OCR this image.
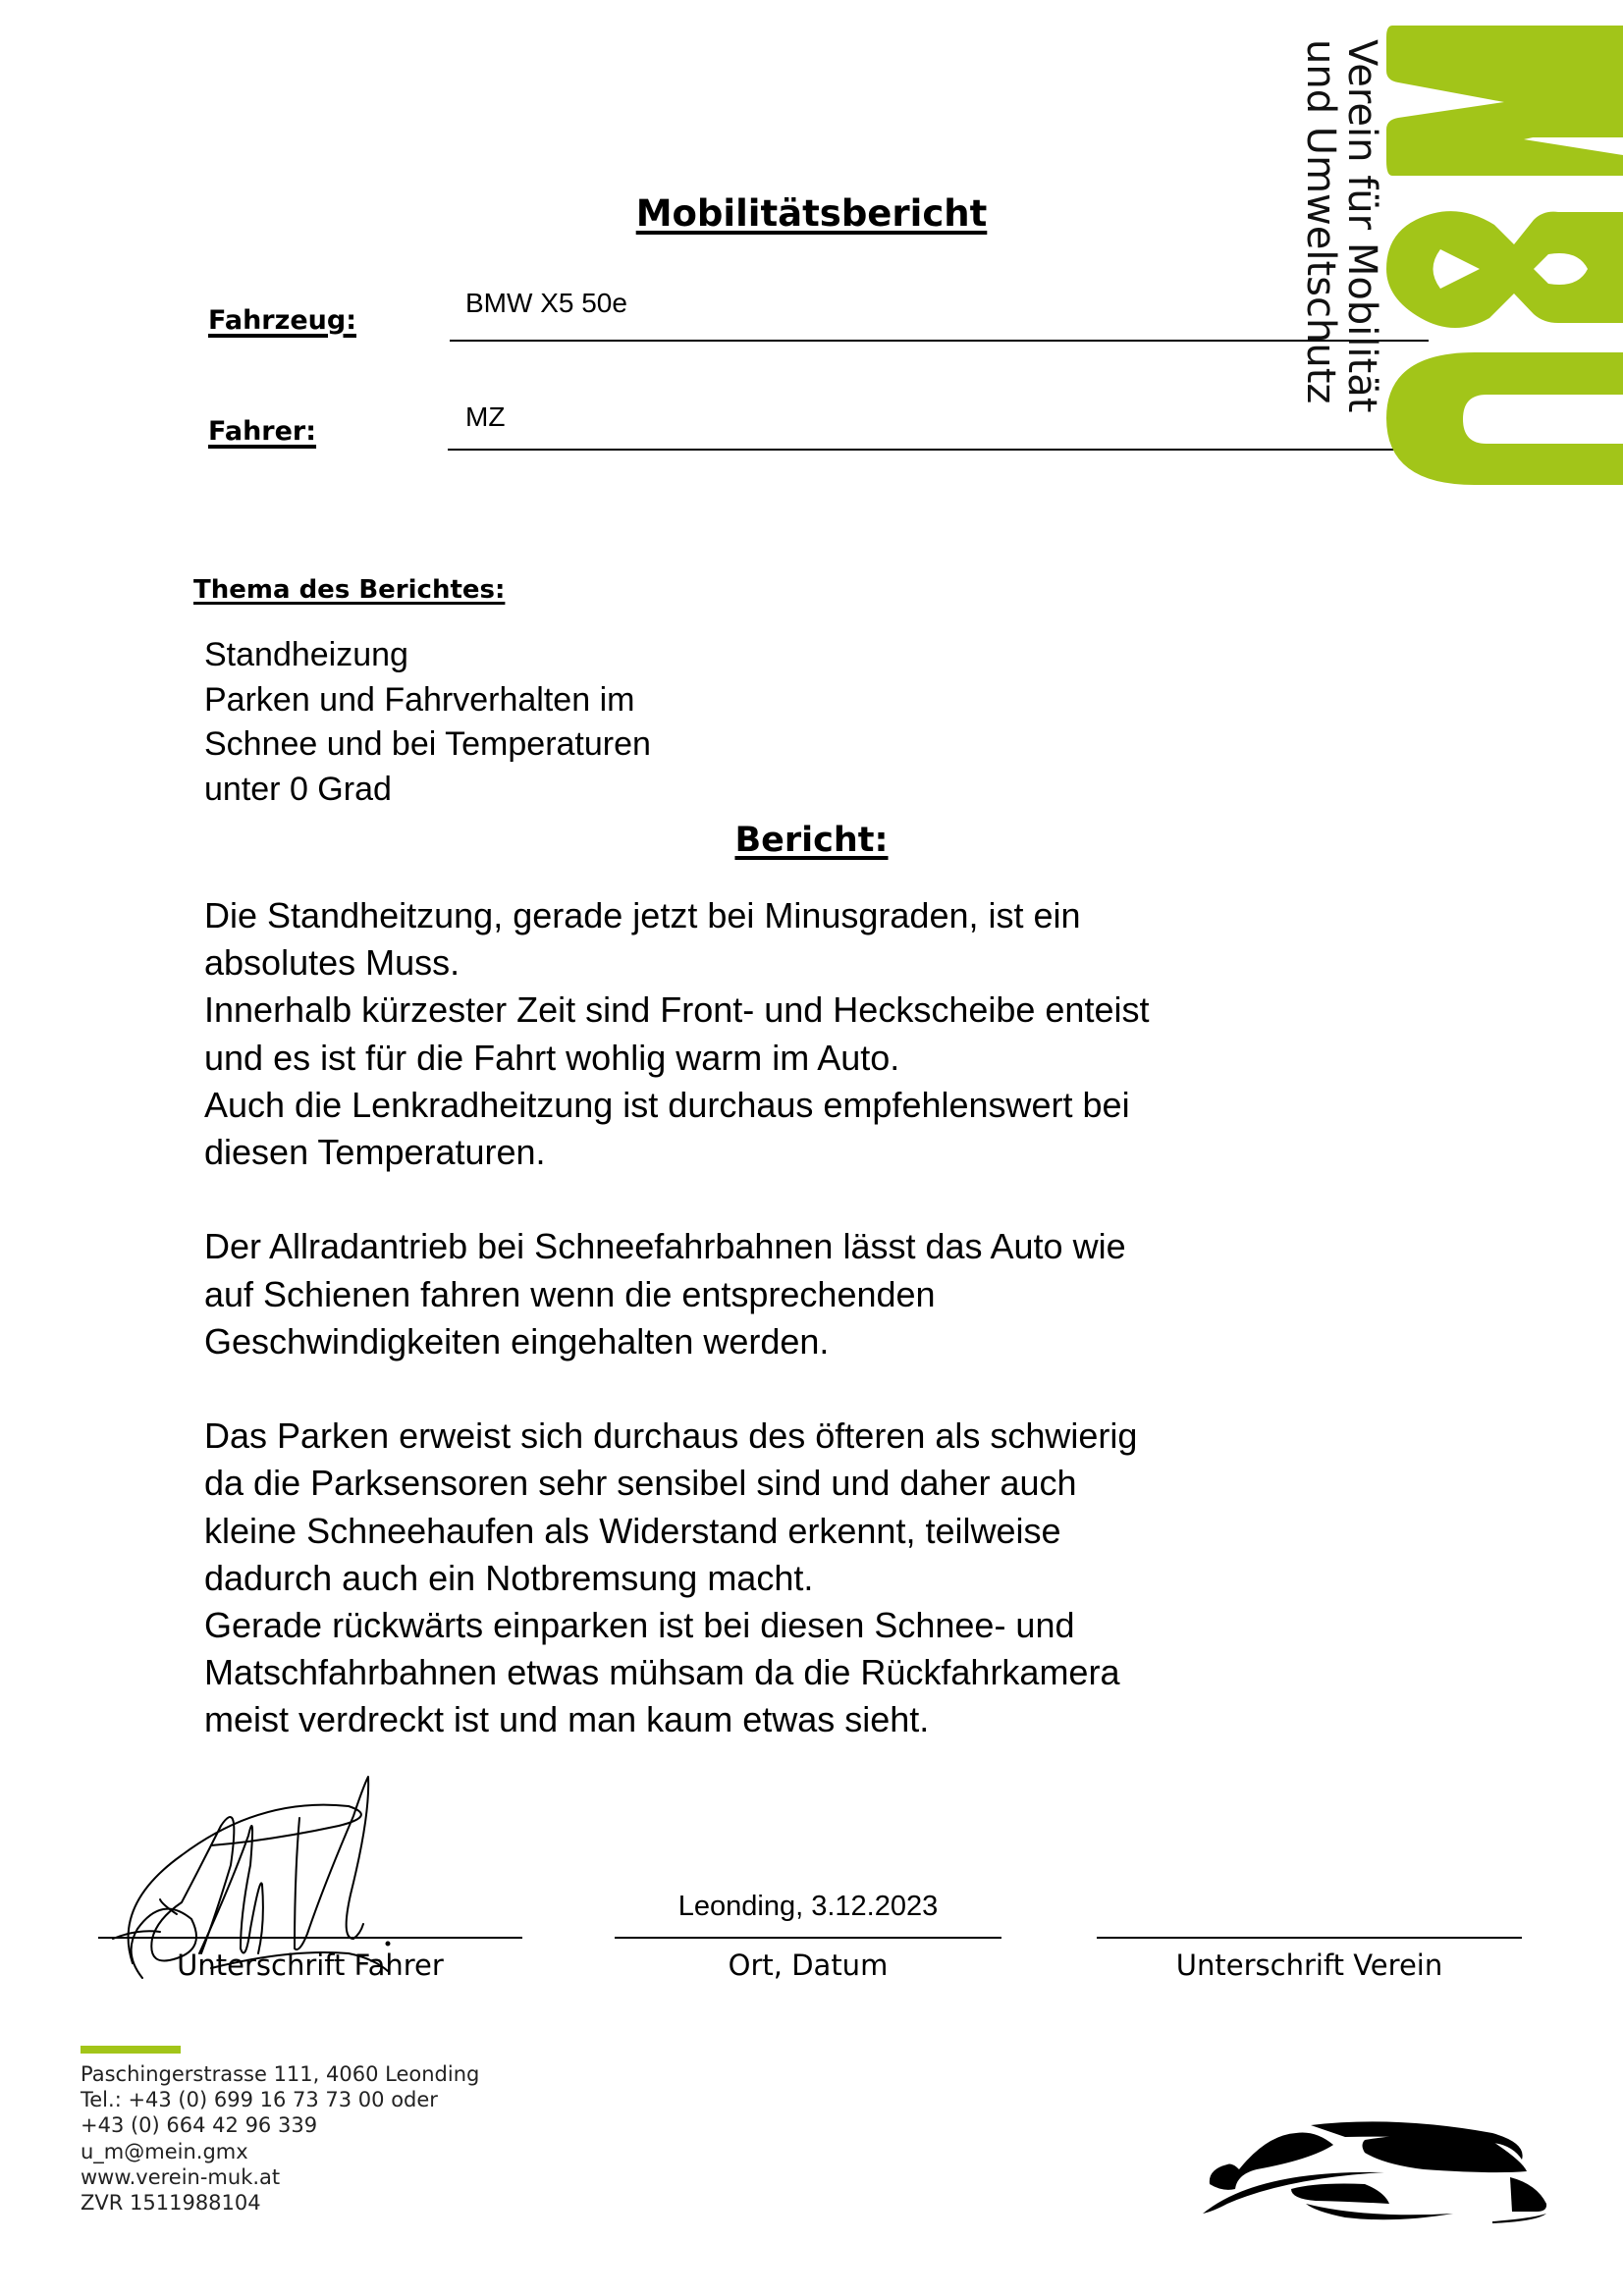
Mobilitätsbericht
Fahrzeug:
BMW X5 50e
Fahrer:	MZ
Verein für Mobilität
und Umweltschutz
Thema des Berichtes:
Standheizung
Parken und Fahrverhalten im
Schnee und bei Temperaturen
unter 0 Grad
Bericht:
Die Standheitzung, gerade jetzt bei Minusgraden, ist ein
absolutes Muss.
Innerhalb kürzester Zeit sind Front- und Heckscheibe enteist
und es ist für die Fahrt wohlig warm im Auto.
Auch die Lenkradheitzung ist durchaus empfehlenswert bei
diesen Temperaturen.
Der Allradantrieb bei Schneefahrbahnen lässt das Auto wie
auf Schienen fahren wenn die entsprechenden
Geschwindigkeiten eingehalten werden.
Das Parken erweist sich durchaus des öfteren als schwierig
da die Parksensoren sehr sensibel sind und daher auch
kleine Schneehaufen als Widerstand erkennt, teilweise
dadurch auch ein Notbremsung macht.
Gerade rückwärts einparken ist bei diesen Schnee- und
Matschfahrbahnen etwas mühsam da die Rückfahrkamera
meist verdreckt ist und man kaum etwas sieht.
Unterschrift Fahrer
Leonding, 3.12.2023
Ort, Datum	Unterschrift Verein
Paschingerstrasse 111, 4060 Leonding
Tel.: +43 (0) 699 16 73 73 00 oder
+43 (0) 664 42 96 339
u_m@mein.gmx
www.verein-muk.at
ZVR 1511988104
